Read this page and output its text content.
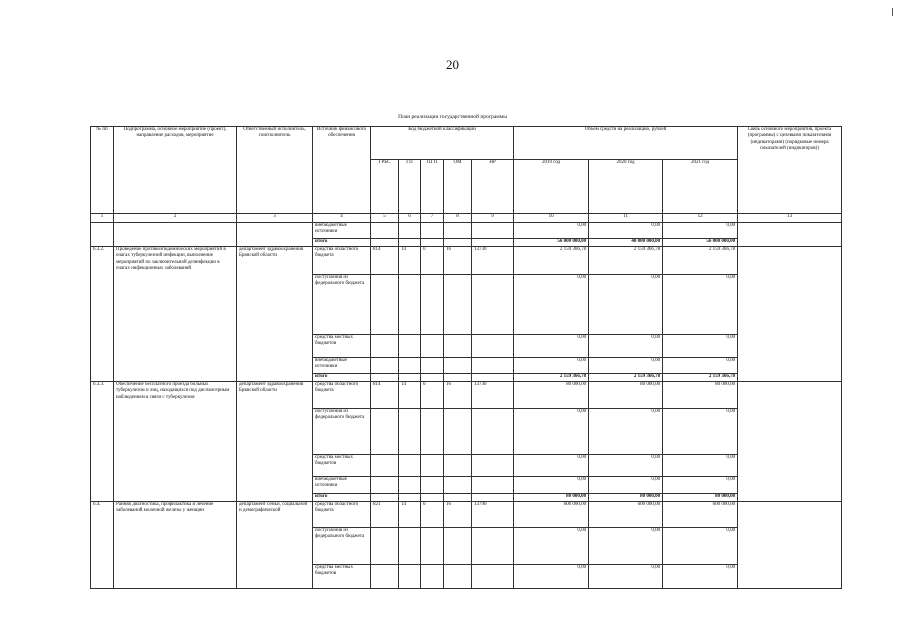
20
План реализации государственной программы
№ пп	Подпрограмма, основное мероприятие (проект), направление расходов, мероприятие	Ответственный исполнитель, соисполнитель	Источник финансового обеспечения	Код бюджетной классификации					Объём средств на реализацию, рублей			Связь основного мероприятия, проекта (программы) с целевыми показателями (индикаторами) (порядковые номера показателей (индикаторов))
				ГРБС	ГП	ПГП	ОМ	НР	2019 год	2020 год	2021 год	
1	2	3	4	5	6	7	8	9	10	11	12	13
			внебюджетные источники						0,00	0,00	0,00	
			итого						56 000 000,00	40 000 000,00	56 000 000,00	
6.3.2.	Проведение противоэпидемических мероприятий в очагах туберкулезной инфекции, выполнение мероприятий по заключительной дезинфекции в очагах инфекционных заболеваний	департамент здравоохранения Брянской области	средства областного бюджета	814	14	0	16	13730	2 159 366,78	2 159 366,78	2 159 366,78	
			поступления из федерального бюджета						0,00	0,00	0,00	
			средства местных бюджетов						0,00	0,00	0,00	
			внебюджетные источники						0,00	0,00	0,00	
			итого						2 159 366,78	2 159 366,78	2 159 366,78	
6.3.3.	Обеспечение бесплатного проезда больных туберкулезом и лиц, находящихся под диспансерным наблюдением в связи с туберкулезом	департамент здравоохранения Брянской области	средства областного бюджета	814	14	0	16	13730	80 000,00	80 000,00	80 000,00	
			поступления из федерального бюджета						0,00	0,00	0,00	
			средства местных бюджетов						0,00	0,00	0,00	
			внебюджетные источники						0,00	0,00	0,00	
			итого						80 000,00	80 000,00	80 000,00	
6.4.	Ранняя диагностика, профилактика и лечение заболеваний молочной железы у женщин	департамент семьи, социальной и демографической	средства областного бюджета	821	14	0	16	13790	600 000,00	600 000,00	600 000,00	
			поступления из федерального бюджета						0,00	0,00	0,00	
			средства местных бюджетов						0,00	0,00	0,00	
